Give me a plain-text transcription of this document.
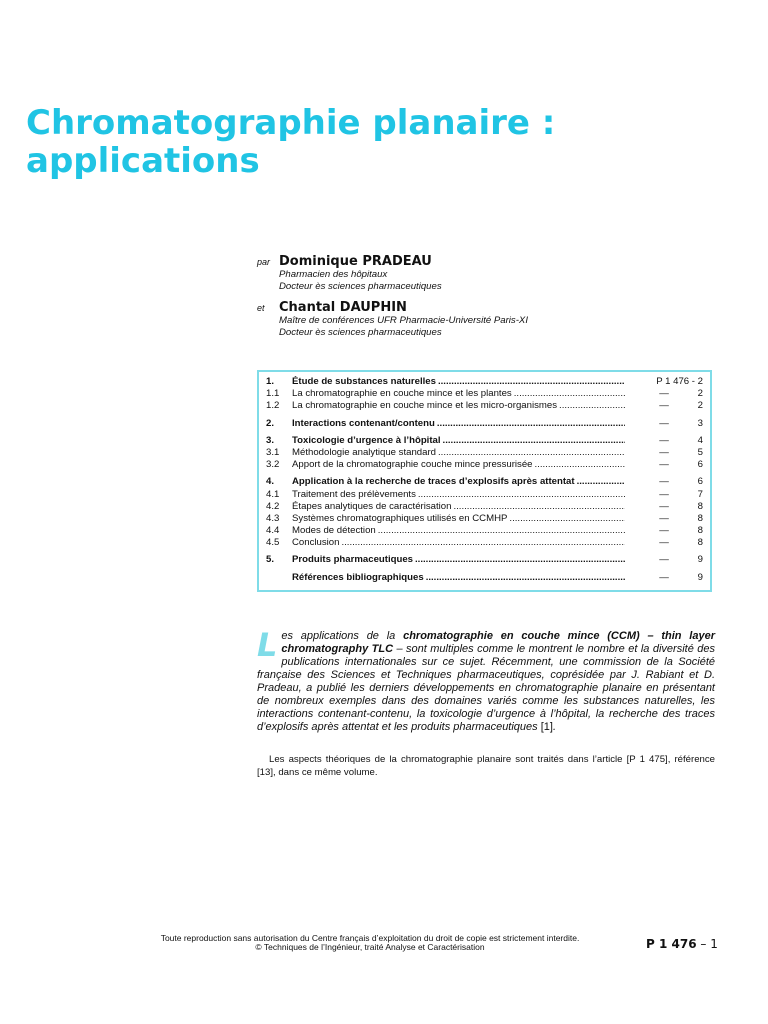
Chromatographie planaire :
applications
par Dominique PRADEAU
Pharmacien des hôpitaux
Docteur ès sciences pharmaceutiques
et	Chantal DAUPHIN
Maître de conférences UFR Pharmacie-Université Paris-XI
Docteur ès sciences pharmaceutiques
1.	Étude de substances naturelles .....	P 1 476 - 2
1.1	La chromatographie en couche mince et les plantes .....	—	2
1.2	La chromatographie en couche mince et les micro-organismes .....	—	2
2.	Interactions contenant/contenu .....	—	3
3.	Toxicologie d’urgence à l’hôpital .....	—	4
3.1	Méthodologie analytique standard .....	—	5
3.2	Apport de la chromatographie couche mince pressurisée .....	—	6
4.	Application à la recherche de traces d’explosifs après attentat .....	—	6
4.1	Traitement des prélèvements .....	—	7
4.2	Étapes analytiques de caractérisation .....	—	8
4.3	Systèmes chromatographiques utilisés en CCMHP .....	—	8
4.4	Modes de détection .....	—	8
4.5	Conclusion .....	—	8
5.	Produits pharmaceutiques .....	—	9
Références bibliographiques .....	—	9

Les applications de la chromatographie en couche mince (CCM) – thin layer chromatography TLC – sont multiples comme le montrent le nombre et la diversité des publications internationales sur ce sujet. Récemment, une commission de la Société française des Sciences et Techniques pharmaceutiques, coprésidée par J. Rabiant et D. Pradeau, a publié les derniers développements en chromatographie planaire en présentant de nombreux exemples dans des domaines variés comme les substances naturelles, les interactions contenant-contenu, la toxicologie d’urgence à l’hôpital, la recherche des traces d’explosifs après attentat et les produits pharmaceutiques [1].

Les aspects théoriques de la chromatographie planaire sont traités dans l’article [P 1 475], référence [13], dans ce même volume.

Toute reproduction sans autorisation du Centre français d’exploitation du droit de copie est strictement interdite.
© Techniques de l’Ingénieur, traité Analyse et Caractérisation	P 1 476 – 1
